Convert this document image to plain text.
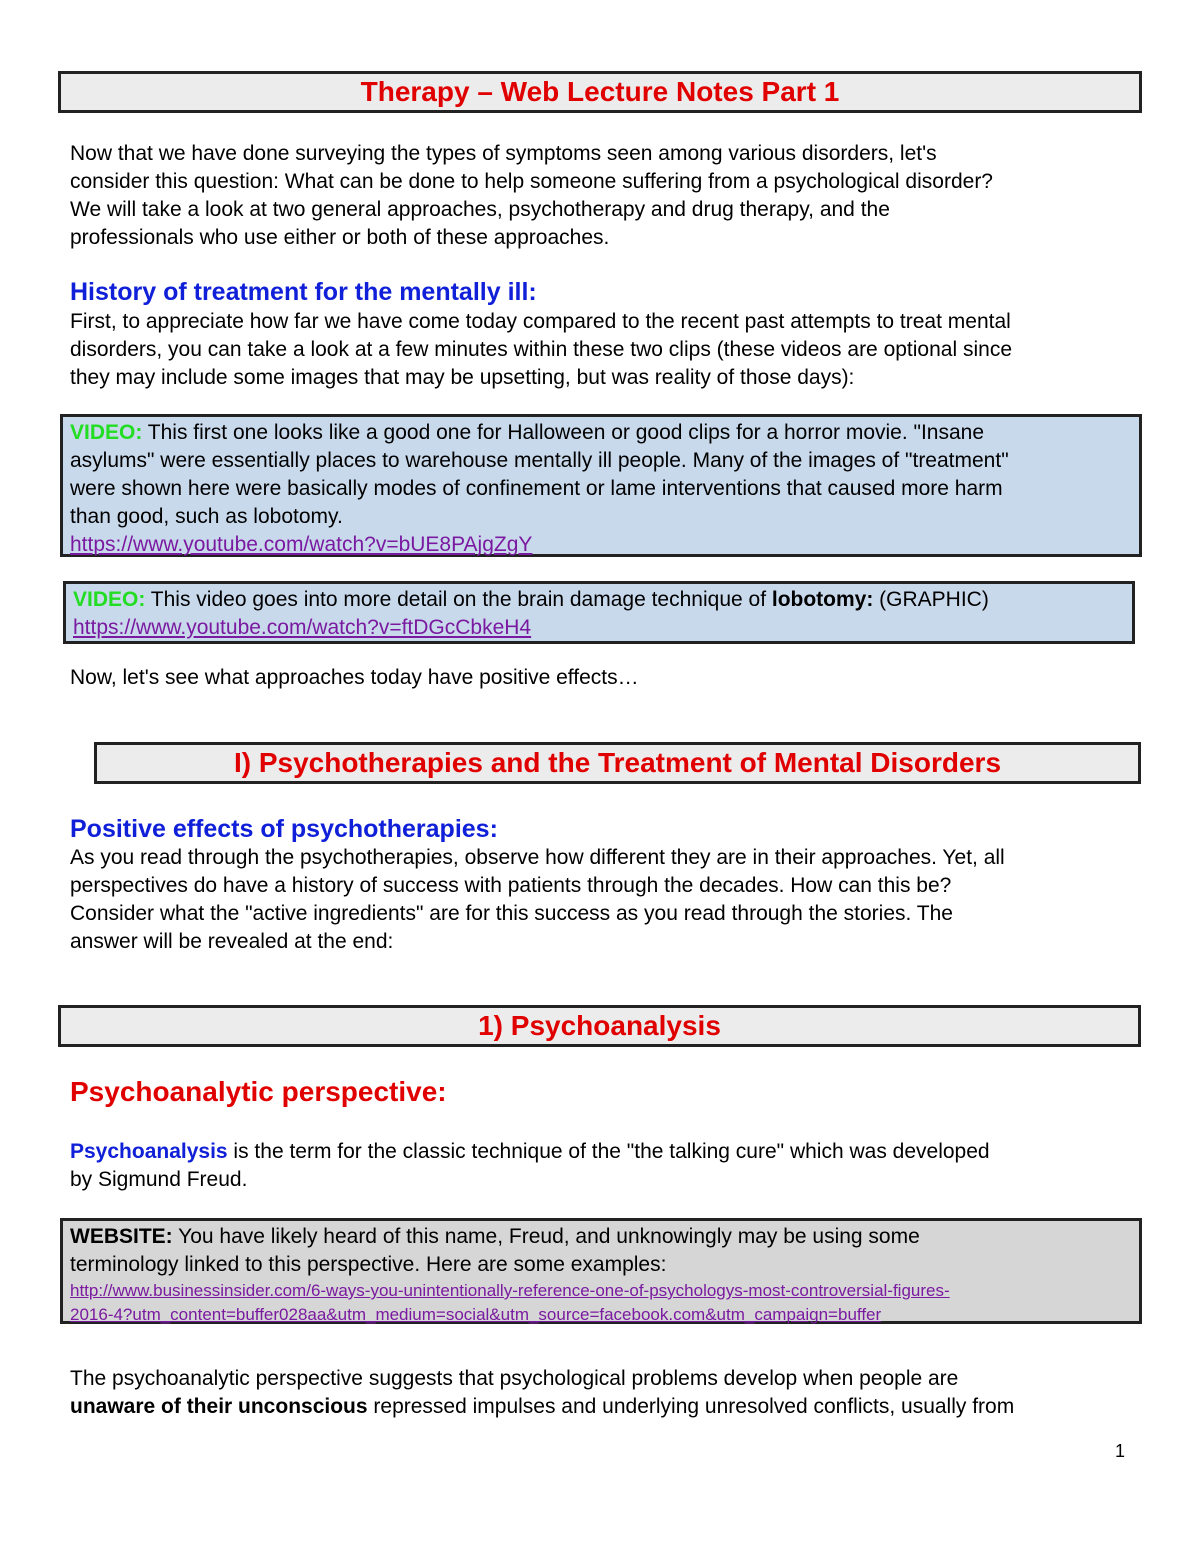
Therapy – Web Lecture Notes Part 1
Now that we have done surveying the types of symptoms seen among various disorders, let's
consider this question: What can be done to help someone suffering from a psychological disorder?
We will take a look at two general approaches, psychotherapy and drug therapy, and the
professionals who use either or both of these approaches.
History of treatment for the mentally ill:
First, to appreciate how far we have come today compared to the recent past attempts to treat mental
disorders, you can take a look at a few minutes within these two clips (these videos are optional since
they may include some images that may be upsetting, but was reality of those days):
VIDEO: This first one looks like a good one for Halloween or good clips for a horror movie. "Insane
asylums" were essentially places to warehouse mentally ill people. Many of the images of "treatment"
were shown here were basically modes of confinement or lame interventions that caused more harm
than good, such as lobotomy.
https://www.youtube.com/watch?v=bUE8PAjgZgY
VIDEO: This video goes into more detail on the brain damage technique of lobotomy: (GRAPHIC)
https://www.youtube.com/watch?v=ftDGcCbkeH4
Now, let's see what approaches today have positive effects…
I) Psychotherapies and the Treatment of Mental Disorders
Positive effects of psychotherapies:
As you read through the psychotherapies, observe how different they are in their approaches. Yet, all
perspectives do have a history of success with patients through the decades. How can this be?
Consider what the "active ingredients" are for this success as you read through the stories. The
answer will be revealed at the end:
1) Psychoanalysis
Psychoanalytic perspective:
Psychoanalysis is the term for the classic technique of the "the talking cure" which was developed
by Sigmund Freud.
WEBSITE: You have likely heard of this name, Freud, and unknowingly may be using some
terminology linked to this perspective. Here are some examples:
http://www.businessinsider.com/6-ways-you-unintentionally-reference-one-of-psychologys-most-controversial-figures-
2016-4?utm_content=buffer028aa&utm_medium=social&utm_source=facebook.com&utm_campaign=buffer
The psychoanalytic perspective suggests that psychological problems develop when people are
unaware of their unconscious repressed impulses and underlying unresolved conflicts, usually from
1
